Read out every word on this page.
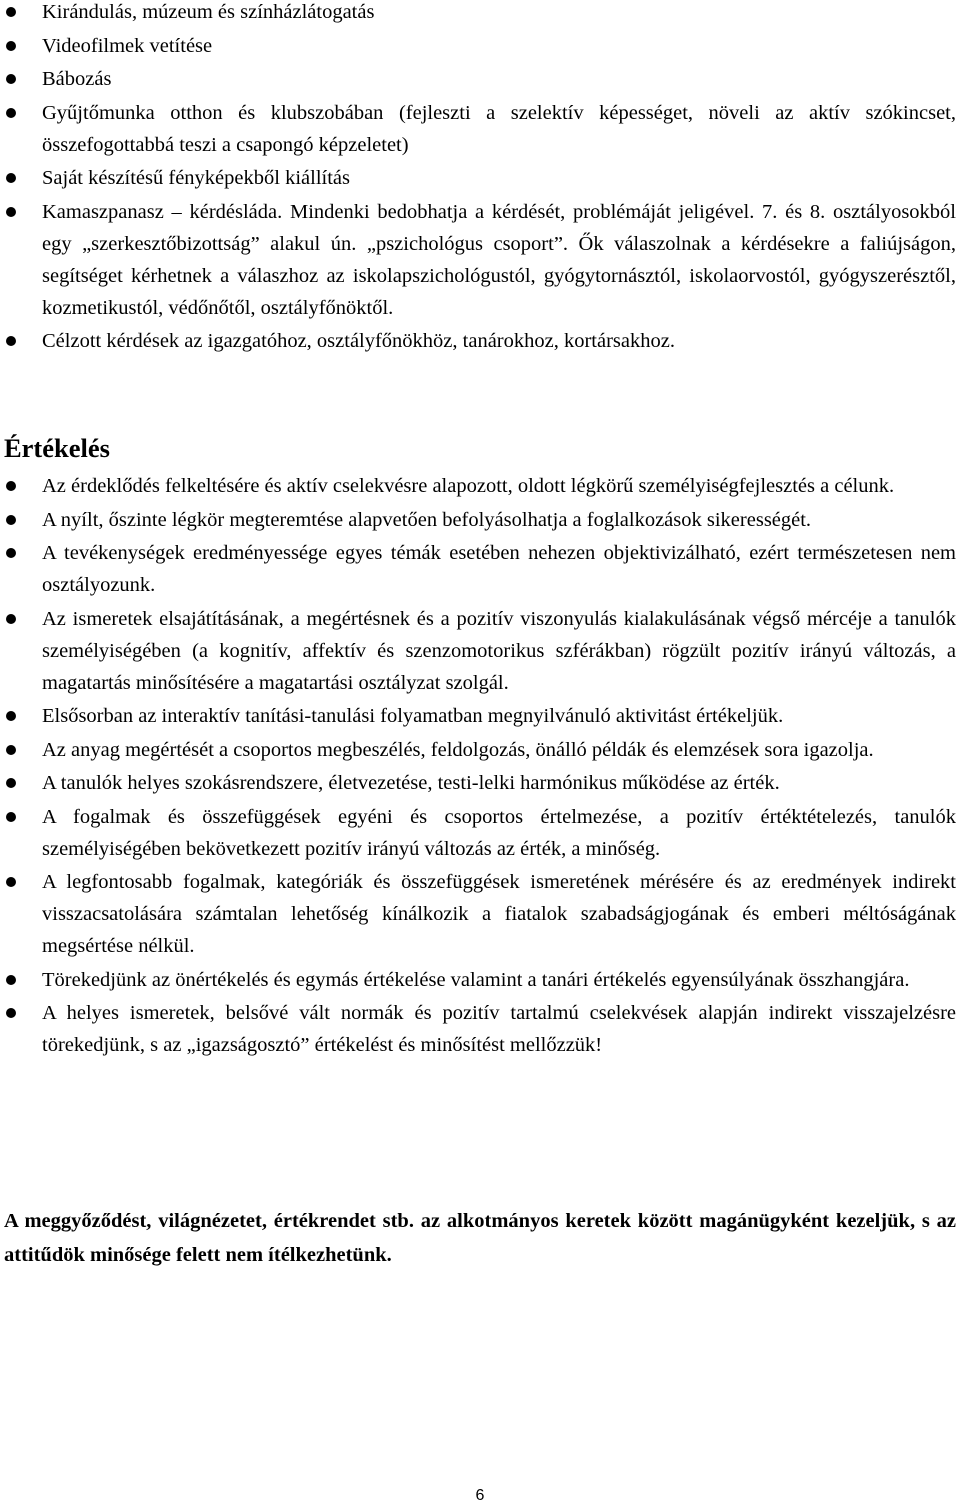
Kirándulás, múzeum és színházlátogatás
Videofilmek vetítése
Bábozás
Gyűjtőmunka otthon és klubszobában (fejleszti a szelektív képességet, növeli az aktív szókincset, összefogottabbá teszi a csapongó képzeletet)
Saját készítésű fényképekből kiállítás
Kamaszpanasz – kérdésláda. Mindenki bedobhatja a kérdését, problémáját jeligével. 7. és 8. osztályosokból egy „szerkesztőbizottság” alakul ún. „pszichológus csoport”. Ők válaszolnak a kérdésekre a faliújságon, segítséget kérhetnek a válaszhoz az iskolapszichológustól, gyógytornásztól, iskolaorvostól, gyógyszerésztől, kozmetikustól, védőnőtől, osztályfőnöktől.
Célzott kérdések az igazgatóhoz, osztályfőnökhöz, tanárokhoz, kortársakhoz.
Értékelés
Az érdeklődés felkeltésére és aktív cselekvésre alapozott, oldott légkörű személyiségfejlesztés a célunk.
A nyílt, őszinte légkör megteremtése alapvetően befolyásolhatja a foglalkozások sikerességét.
A tevékenységek eredményessége egyes témák esetében nehezen objektivizálható, ezért természetesen nem osztályozunk.
Az ismeretek elsajátításának, a megértésnek és a pozitív viszonyulás kialakulásának végső mércéje a tanulók személyiségében (a kognitív, affektív és szenzomotorikus szférákban) rögzült pozitív irányú változás, a magatartás minősítésére a magatartási osztályzat szolgál.
Elsősorban az interaktív tanítási-tanulási folyamatban megnyilvánuló aktivitást értékeljük.
Az anyag megértését a csoportos megbeszélés, feldolgozás, önálló példák és elemzések sora igazolja.
A tanulók helyes szokásrendszere, életvezetése, testi-lelki harmónikus működése az érték.
A fogalmak és összefüggések egyéni és csoportos értelmezése, a pozitív értéktételezés, tanulók személyiségében bekövetkezett pozitív irányú változás az érték, a minőség.
A legfontosabb fogalmak, kategóriák és összefüggések ismeretének mérésére és az eredmények indirekt visszacsatolására számtalan lehetőség kínálkozik a fiatalok szabadságjogának és emberi méltóságának megsértése nélkül.
Törekedjünk az önértékelés és egymás értékelése valamint a tanári értékelés egyensúlyának összhangjára.
A helyes ismeretek, belsővé vált normák és pozitív tartalmú cselekvések alapján indirekt visszajelzésre törekedjünk, s az „igazságosztó” értékelést és minősítést mellőzzük!

A meggyőződést, világnézetet, értékrendet stb. az alkotmányos keretek között magánügyként kezeljük, s az attitűdök minősége felett nem ítélkezhetünk.

6
